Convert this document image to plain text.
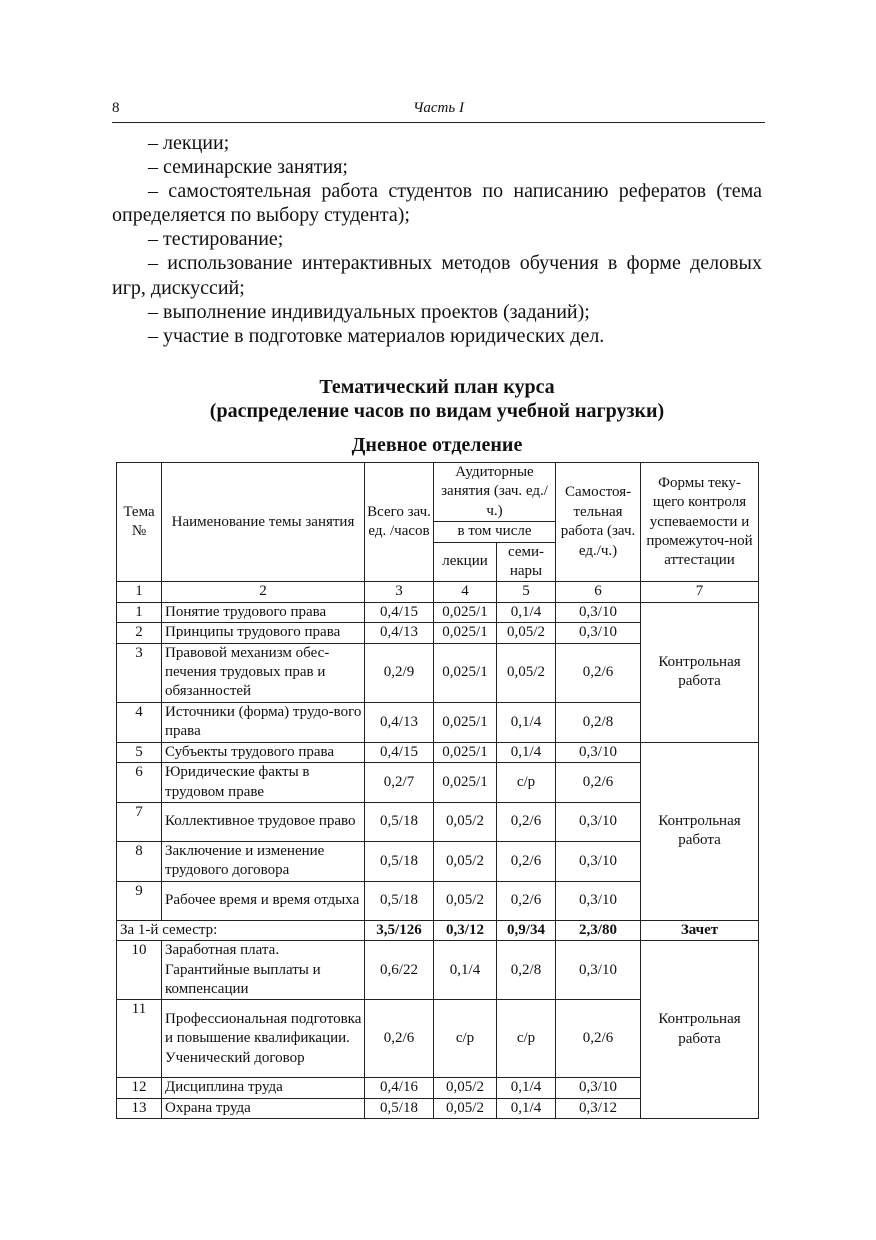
8	Часть I

– лекции;

– семинарские занятия;

– самостоятельная работа студентов по написанию рефератов (тема определяется по выбору студента);

– тестирование;

– использование интерактивных методов обучения в форме деловых игр, дискуссий;

– выполнение индивидуальных проектов (заданий);

– участие в подготовке материалов юридических дел.

Тематический план курса
(распределение часов по видам учебной нагрузки)
Дневное отделение
Тема №	Наименование темы занятия	Всего зач. ед. /часов	Аудиторные занятия (зач. ед./ч.)		Самостоя-тельная работа (зач. ед./ч.)	Формы теку-щего контроля успеваемости и промежуточ-ной аттестации
			в том числе			
			лекции	семи-нары		
1	2	3	4	5	6	7
1	Понятие трудового права	0,4/15	0,025/1	0,1/4	0,3/10	Контрольная работа
2	Принципы трудового права	0,4/13	0,025/1	0,05/2	0,3/10	
3	Правовой механизм обес-печения трудовых прав и обязанностей	0,2/9	0,025/1	0,05/2	0,2/6	
4	Источники (форма) трудо-вого права	0,4/13	0,025/1	0,1/4	0,2/8	
5	Субъекты трудового права	0,4/15	0,025/1	0,1/4	0,3/10	Контрольная работа
6	Юридические факты в трудовом праве	0,2/7	0,025/1	с/р	0,2/6	
7	Коллективное трудовое право	0,5/18	0,05/2	0,2/6	0,3/10	
8	Заключение и изменение трудового договора	0,5/18	0,05/2	0,2/6	0,3/10	
9	Рабочее время и время отдыха	0,5/18	0,05/2	0,2/6	0,3/10	
За 1-й семестр:		3,5/126	0,3/12	0,9/34	2,3/80	Зачет
10	Заработная плата. Гарантийные выплаты и компенсации	0,6/22	0,1/4	0,2/8	0,3/10	Контрольная работа
11	Профессиональная подготовка и повышение квалификации. Ученический договор	0,2/6	с/р	с/р	0,2/6	
12	Дисциплина труда	0,4/16	0,05/2	0,1/4	0,3/10	
13	Охрана труда	0,5/18	0,05/2	0,1/4	0,3/12	
